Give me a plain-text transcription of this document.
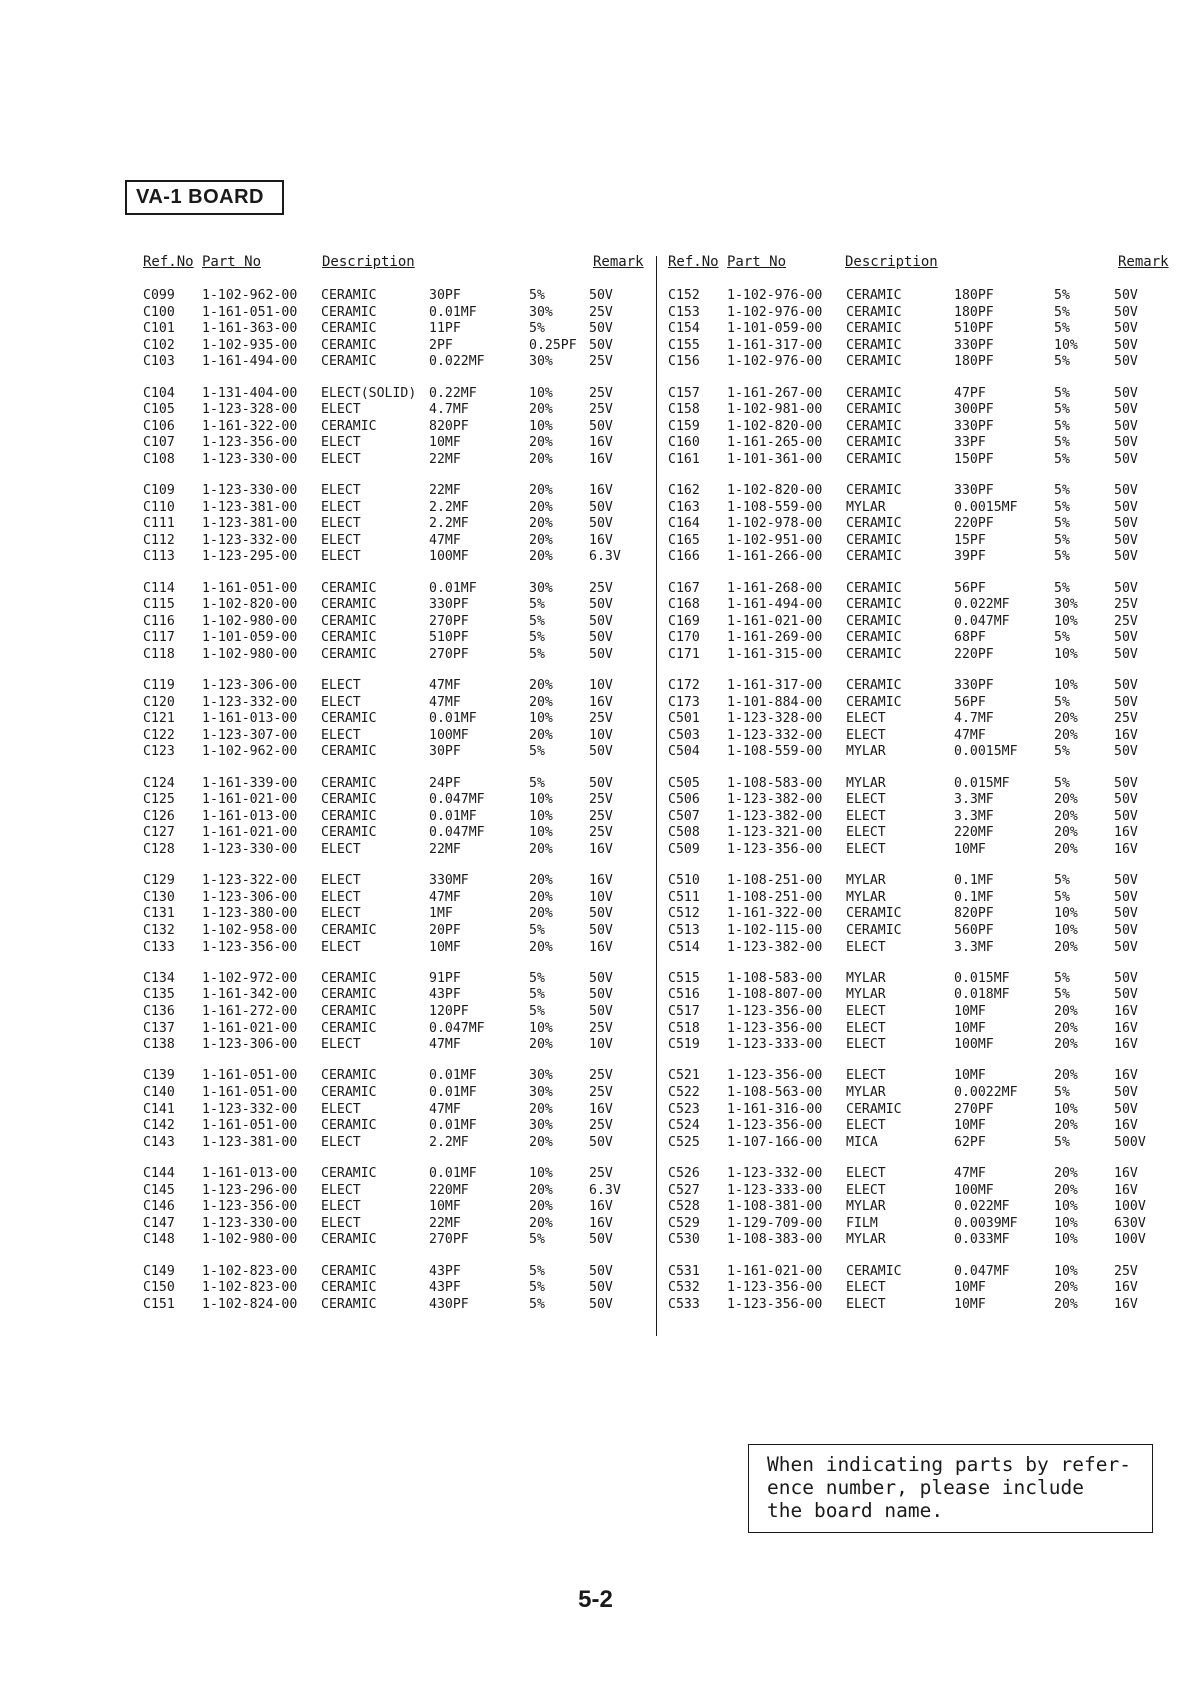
VA-1 BOARD
Ref.No Part No	Description	Remark
C099 1-102-962-00 CERAMIC	30PF	5%	50V
C100 1-161-051-00 CERAMIC	0.01MF	30%	25V
C101 1-161-363-00 CERAMIC	11PF	5%	50V
C102 1-102-935-00 CERAMIC	2PF	0.25PF 50V
C103 1-161-494-00 CERAMIC	0.022MF	30%	25V
C104 1-131-404-00 ELECT(SOLID) 0.22MF	10%	25V
C105 1-123-328-00 ELECT	4.7MF	20%	25V
C106 1-161-322-00 CERAMIC	820PF	10%	50V
C107 1-123-356-00 ELECT	10MF	20%	16V
C108 1-123-330-00 ELECT	22MF	20%	16V
C109 1-123-330-00 ELECT	22MF	20%	16V
C110 1-123-381-00 ELECT	2.2MF	20%	50V
C111 1-123-381-00 ELECT	2.2MF	20%	50V
C112 1-123-332-00 ELECT	47MF	20%	16V
C113 1-123-295-00 ELECT	100MF	20%	6.3V
C114 1-161-051-00 CERAMIC	0.01MF	30%	25V
C115 1-102-820-00 CERAMIC	330PF	5%	50V
C116 1-102-980-00 CERAMIC	270PF	5%	50V
C117 1-101-059-00 CERAMIC	510PF	5%	50V
C118 1-102-980-00 CERAMIC	270PF	5%	50V
C119 1-123-306-00 ELECT	47MF	20%	10V
C120 1-123-332-00 ELECT	47MF	20%	16V
C121 1-161-013-00 CERAMIC	0.01MF	10%	25V
C122 1-123-307-00 ELECT	100MF	20%	10V
C123 1-102-962-00 CERAMIC	30PF	5%	50V
C124 1-161-339-00 CERAMIC	24PF	5%	50V
C125 1-161-021-00 CERAMIC	0.047MF	10%	25V
C126 1-161-013-00 CERAMIC	0.01MF	10%	25V
C127 1-161-021-00 CERAMIC	0.047MF	10%	25V
C128 1-123-330-00 ELECT	22MF	20%	16V
C129 1-123-322-00 ELECT	330MF	20%	16V
C130 1-123-306-00 ELECT	47MF	20%	10V
C131 1-123-380-00 ELECT	1MF	20%	50V
C132 1-102-958-00 CERAMIC	20PF	5%	50V
C133 1-123-356-00 ELECT	10MF	20%	16V
C134 1-102-972-00 CERAMIC	91PF	5%	50V
C135 1-161-342-00 CERAMIC	43PF	5%	50V
C136 1-161-272-00 CERAMIC	120PF	5%	50V
C137 1-161-021-00 CERAMIC	0.047MF	10%	25V
C138 1-123-306-00 ELECT	47MF	20%	10V
C139 1-161-051-00 CERAMIC	0.01MF	30%	25V
C140 1-161-051-00 CERAMIC	0.01MF	30%	25V
C141 1-123-332-00 ELECT	47MF	20%	16V
C142 1-161-051-00 CERAMIC	0.01MF	30%	25V
C143 1-123-381-00 ELECT	2.2MF	20%	50V
C144 1-161-013-00 CERAMIC	0.01MF	10%	25V
C145 1-123-296-00 ELECT	220MF	20%	6.3V
C146 1-123-356-00 ELECT	10MF	20%	16V
C147 1-123-330-00 ELECT	22MF	20%	16V
C148 1-102-980-00 CERAMIC	270PF	5%	50V
C149 1-102-823-00 CERAMIC	43PF	5%	50V
C150 1-102-823-00 CERAMIC	43PF	5%	50V
C151 1-102-824-00 CERAMIC	430PF	5%	50V
Ref.No Part No	Description	Remark
C152 1-102-976-00 CERAMIC	180PF	5%	50V
C153 1-102-976-00 CERAMIC	180PF	5%	50V
C154 1-101-059-00 CERAMIC	510PF	5%	50V
C155 1-161-317-00 CERAMIC	330PF	10%	50V
C156 1-102-976-00 CERAMIC	180PF	5%	50V
C157 1-161-267-00 CERAMIC	47PF	5%	50V
C158 1-102-981-00 CERAMIC	300PF	5%	50V
C159 1-102-820-00 CERAMIC	330PF	5%	50V
C160 1-161-265-00 CERAMIC	33PF	5%	50V
C161 1-101-361-00 CERAMIC	150PF	5%	50V
C162 1-102-820-00 CERAMIC	330PF	5%	50V
C163 1-108-559-00 MYLAR	0.0015MF	5%	50V
C164 1-102-978-00 CERAMIC	220PF	5%	50V
C165 1-102-951-00 CERAMIC	15PF	5%	50V
C166 1-161-266-00 CERAMIC	39PF	5%	50V
C167 1-161-268-00 CERAMIC	56PF	5%	50V
C168 1-161-494-00 CERAMIC	0.022MF	30%	25V
C169 1-161-021-00 CERAMIC	0.047MF	10%	25V
C170 1-161-269-00 CERAMIC	68PF	5%	50V
C171 1-161-315-00 CERAMIC	220PF	10%	50V
C172 1-161-317-00 CERAMIC	330PF	10%	50V
C173 1-101-884-00 CERAMIC	56PF	5%	50V
C501 1-123-328-00 ELECT	4.7MF	20%	25V
C503 1-123-332-00 ELECT	47MF	20%	16V
C504 1-108-559-00 MYLAR	0.0015MF	5%	50V
C505 1-108-583-00 MYLAR	0.015MF	5%	50V
C506 1-123-382-00 ELECT	3.3MF	20%	50V
C507 1-123-382-00 ELECT	3.3MF	20%	50V
C508 1-123-321-00 ELECT	220MF	20%	16V
C509 1-123-356-00 ELECT	10MF	20%	16V
C510 1-108-251-00 MYLAR	0.1MF	5%	50V
C511 1-108-251-00 MYLAR	0.1MF	5%	50V
C512 1-161-322-00 CERAMIC	820PF	10%	50V
C513 1-102-115-00 CERAMIC	560PF	10%	50V
C514 1-123-382-00 ELECT	3.3MF	20%	50V
C515 1-108-583-00 MYLAR	0.015MF	5%	50V
C516 1-108-807-00 MYLAR	0.018MF	5%	50V
C517 1-123-356-00 ELECT	10MF	20%	16V
C518 1-123-356-00 ELECT	10MF	20%	16V
C519 1-123-333-00 ELECT	100MF	20%	16V
C521 1-123-356-00 ELECT	10MF	20%	16V
C522 1-108-563-00 MYLAR	0.0022MF	5%	50V
C523 1-161-316-00 CERAMIC	270PF	10%	50V
C524 1-123-356-00 ELECT	10MF	20%	16V
C525 1-107-166-00 MICA	62PF	5%	500V
C526 1-123-332-00 ELECT	47MF	20%	16V
C527 1-123-333-00 ELECT	100MF	20%	16V
C528 1-108-381-00 MYLAR	0.022MF	10%	100V
C529 1-129-709-00 FILM	0.0039MF	10%	630V
C530 1-108-383-00 MYLAR	0.033MF	10%	100V
C531 1-161-021-00 CERAMIC	0.047MF	10%	25V
C532 1-123-356-00 ELECT	10MF	20%	16V
C533 1-123-356-00 ELECT	10MF	20%	16V
When indicating parts by refer-
ence number, please include
the board name.
5-2
